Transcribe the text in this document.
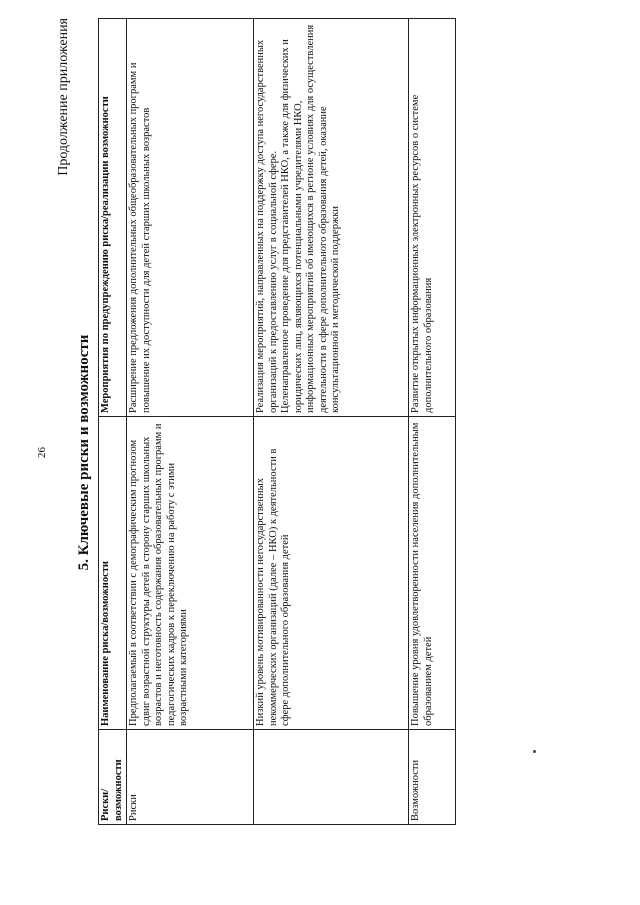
Продолжение приложения
26 5. Ключевые риски и возможности
Риски/ возможности	Наименование риска/возможности	Мероприятия по предупреждению риска/реализации возможности
Риски	Предполагаемый в соответствии с демографическим прогнозом сдвиг возрастной структуры детей в сторону старших школьных возрастов и неготовность содержания образовательных программ и педагогических кадров к переключению на работу с этими возрастными категориями	Расширение предложения дополнительных общеобразовательных программ и повышение их доступности для детей старших школьных возрастов

	Низкий уровень мотивированности негосударственных некоммерческих организаций (далее – НКО) к деятельности в сфере дополнительного образования детей	Реализация мероприятий, направленных на поддержку доступа негосударственных организаций к предоставлению услуг в социальной сфере. Целенаправленное проведение для представителей НКО, а также для физических и юридических лиц, являющихся потенциальными учредителями НКО, информационных мероприятий об имеющихся в регионе условиях для осуществления деятельности в сфере дополнительного образования детей, оказание консультационной и методической поддержки

Возможности	Повышение уровня удовлетворенности населения дополнительным образованием детей	Развитие открытых информационных электронных ресурсов о системе дополнительного образования
